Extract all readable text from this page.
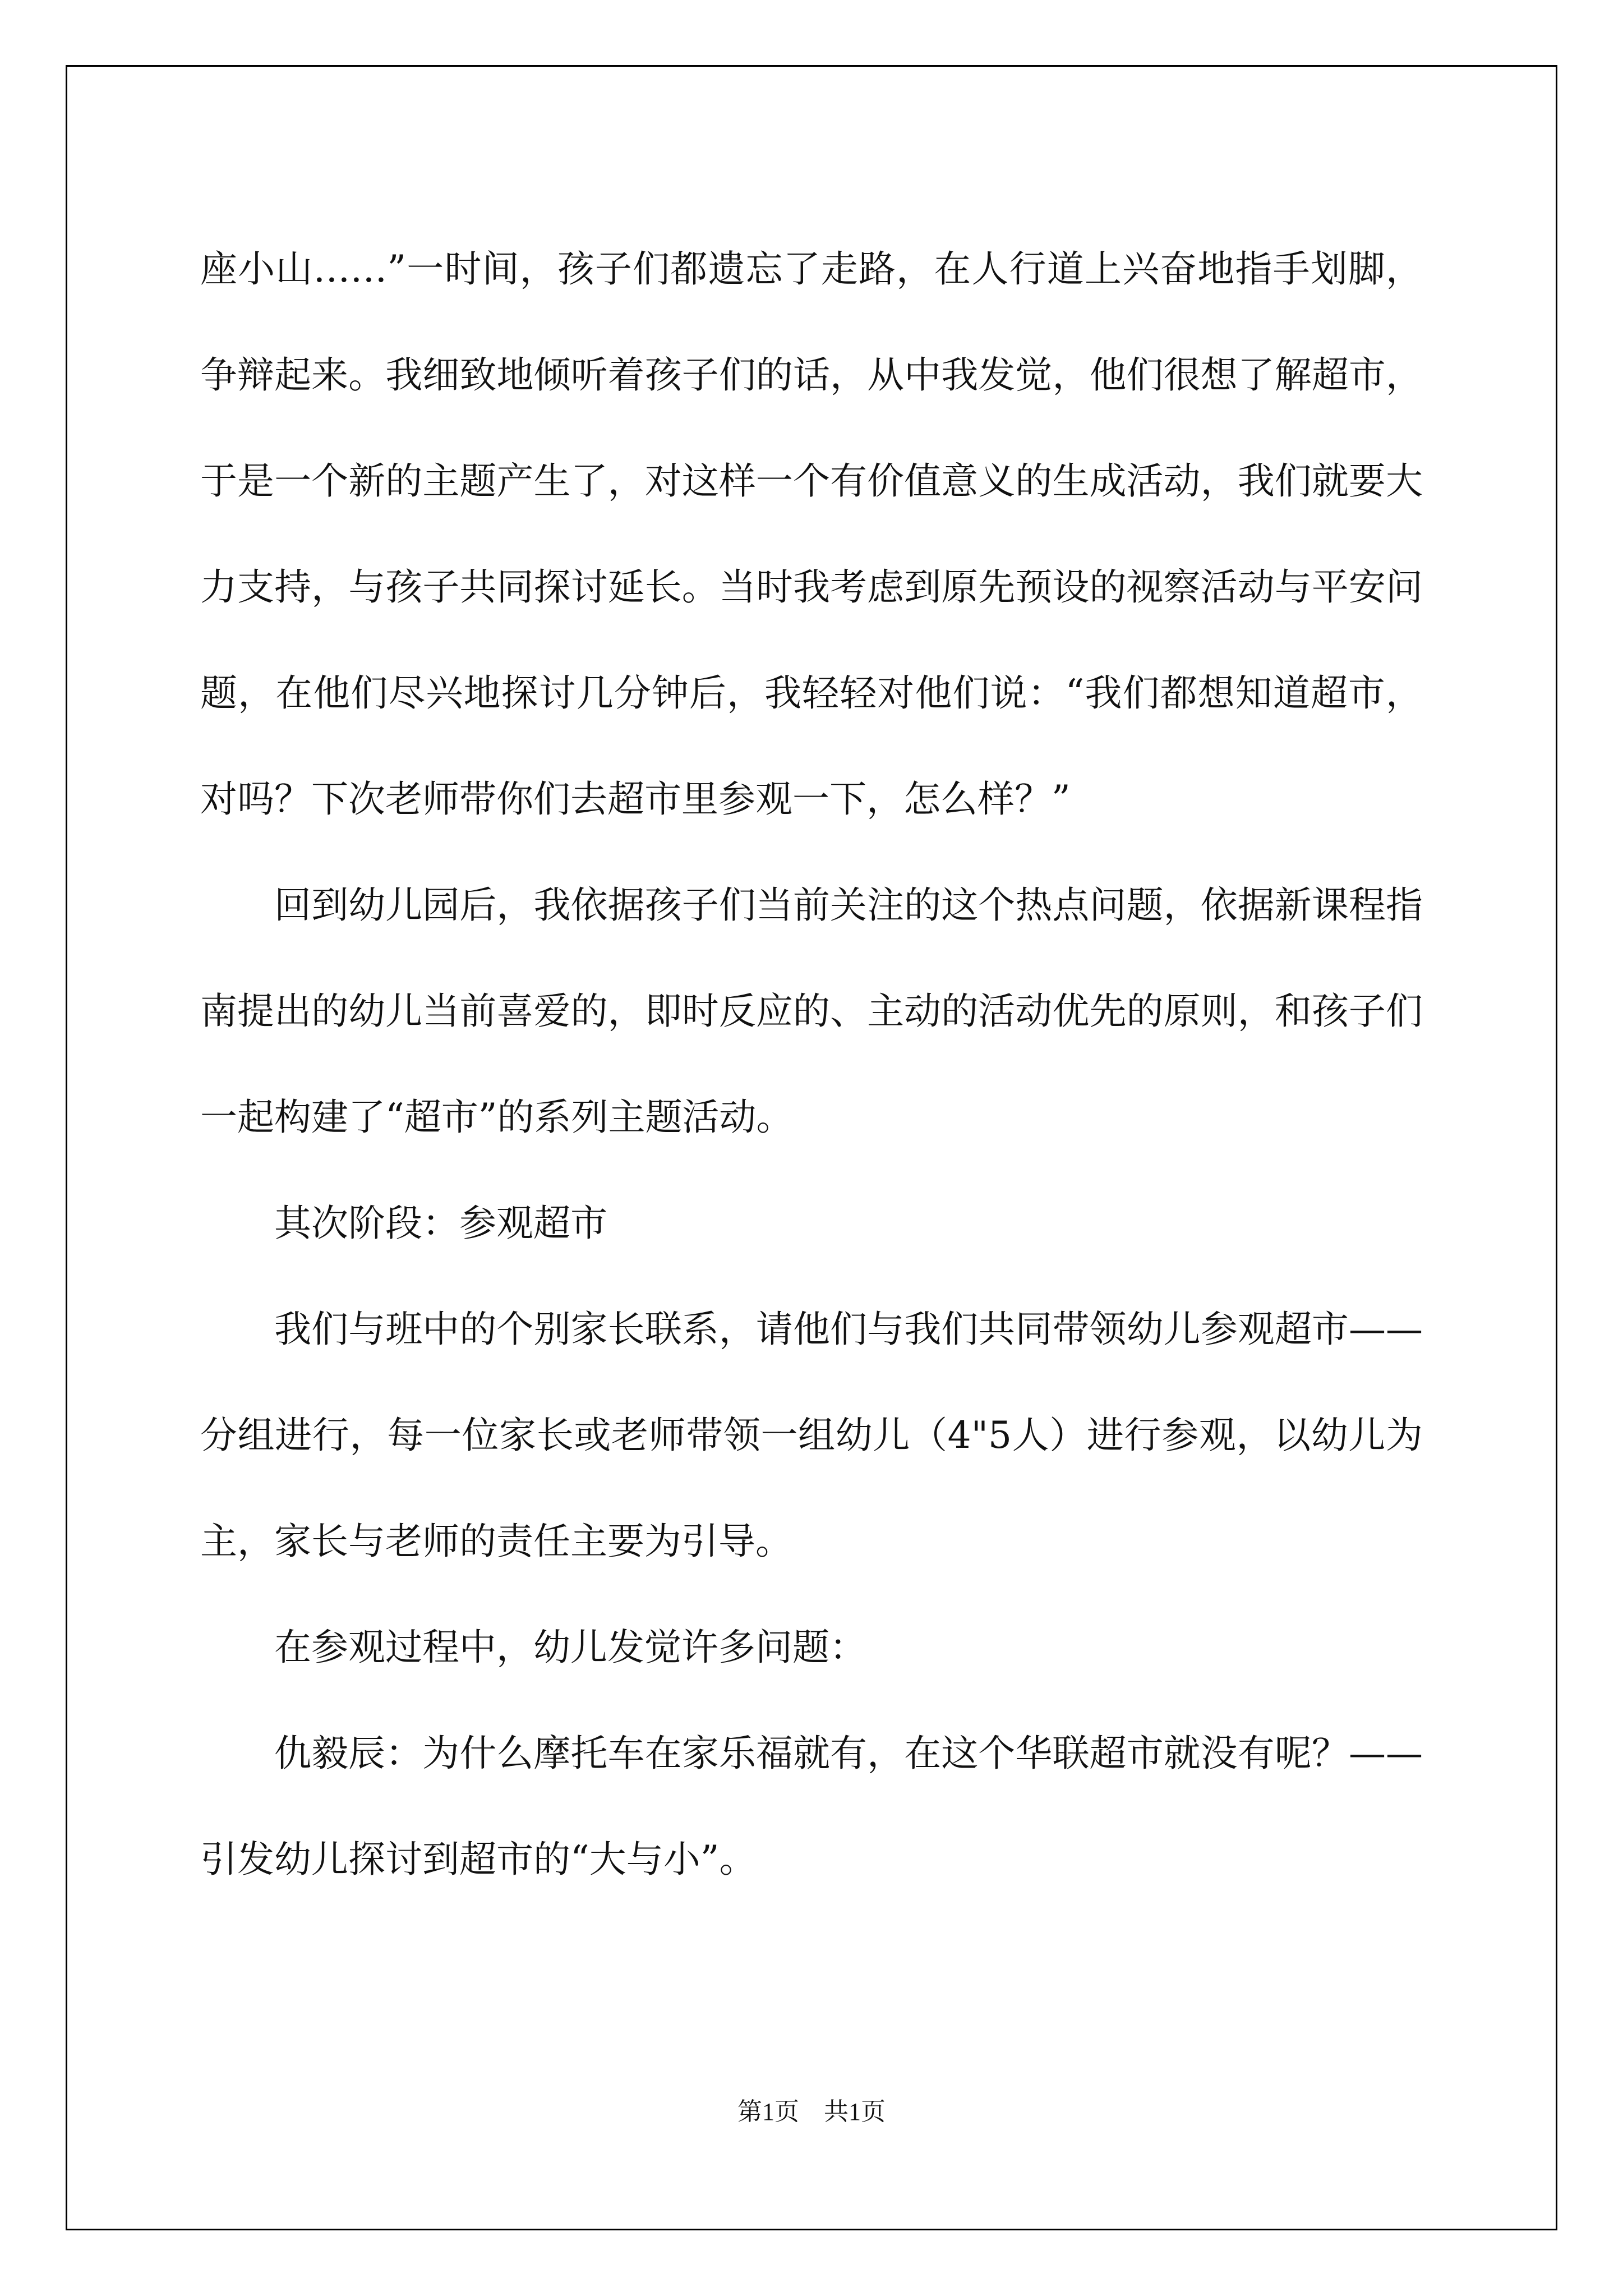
座小山……”一时间，孩子们都遗忘了走路，在人行道上兴奋地指手划脚，争辩起来。我细致地倾听着孩子们的话，从中我发觉，他们很想了解超市，于是一个新的主题产生了，对这样一个有价值意义的生成活动，我们就要大力支持，与孩子共同探讨延长。当时我考虑到原先预设的视察活动与平安问题，在他们尽兴地探讨几分钟后，我轻轻对他们说：“我们都想知道超市，对吗？下次老师带你们去超市里参观一下，怎么样？”

回到幼儿园后，我依据孩子们当前关注的这个热点问题，依据新课程指南提出的幼儿当前喜爱的，即时反应的、主动的活动优先的原则，和孩子们一起构建了“超市”的系列主题活动。

其次阶段：参观超市

我们与班中的个别家长联系，请他们与我们共同带领幼儿参观超市——分组进行，每一位家长或老师带领一组幼儿（4"5人）进行参观，以幼儿为主，家长与老师的责任主要为引导。

在参观过程中，幼儿发觉许多问题：

仇毅辰：为什么摩托车在家乐福就有，在这个华联超市就没有呢？——引发幼儿探讨到超市的“大与小”。

第1页　共1页
